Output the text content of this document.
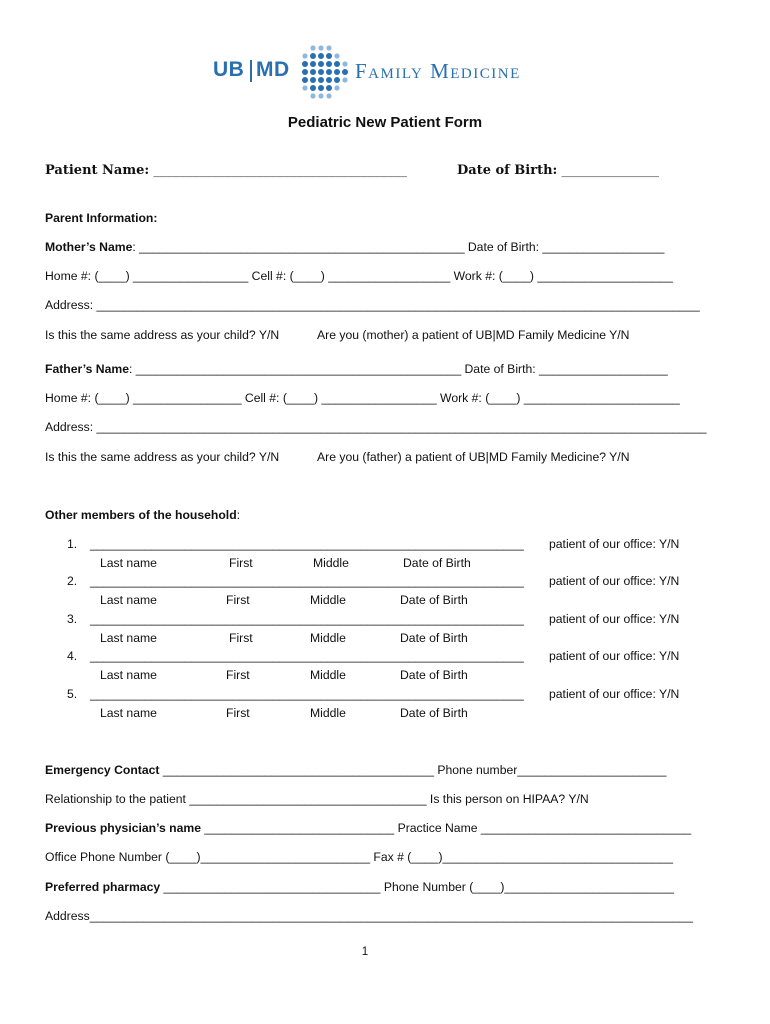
UB MD	Family Medicine
Pediatric New Patient Form
Patient Name: _______________________________________	Date of Birth: _______________
Parent Information:
Mother’s Name: ________________________________________________ Date of Birth: __________________
Home #: (____) _________________ Cell #: (____) __________________ Work #: (____) ____________________
Address: _________________________________________________________________________________________
Is this the same address as your child? Y/N	Are you (mother) a patient of UB|MD Family Medicine Y/N
Father’s Name: ________________________________________________ Date of Birth: ___________________
Home #: (____) ________________ Cell #: (____) _________________ Work #: (____) _______________________
Address: __________________________________________________________________________________________
Is this the same address as your child? Y/N	Are you (father) a patient of UB|MD Family Medicine? Y/N
Other members of the household:
1. ________________________________________________________________ patient of our office: Y/N
Last name	First	Middle	Date of Birth
2. ________________________________________________________________ patient of our office: Y/N
Last name	First	Middle	Date of Birth
3. ________________________________________________________________ patient of our office: Y/N
Last name	First	Middle	Date of Birth
4. ________________________________________________________________ patient of our office: Y/N
Last name	First	Middle	Date of Birth
5. ________________________________________________________________ patient of our office: Y/N
Last name	First	Middle	Date of Birth
Emergency Contact ________________________________________ Phone number______________________
Relationship to the patient ___________________________________ Is this person on HIPAA? Y/N
Previous physician’s name ____________________________ Practice Name _______________________________
Office Phone Number (____)_________________________ Fax # (____)__________________________________
Preferred pharmacy ________________________________ Phone Number (____)_________________________
Address_________________________________________________________________________________________
1
